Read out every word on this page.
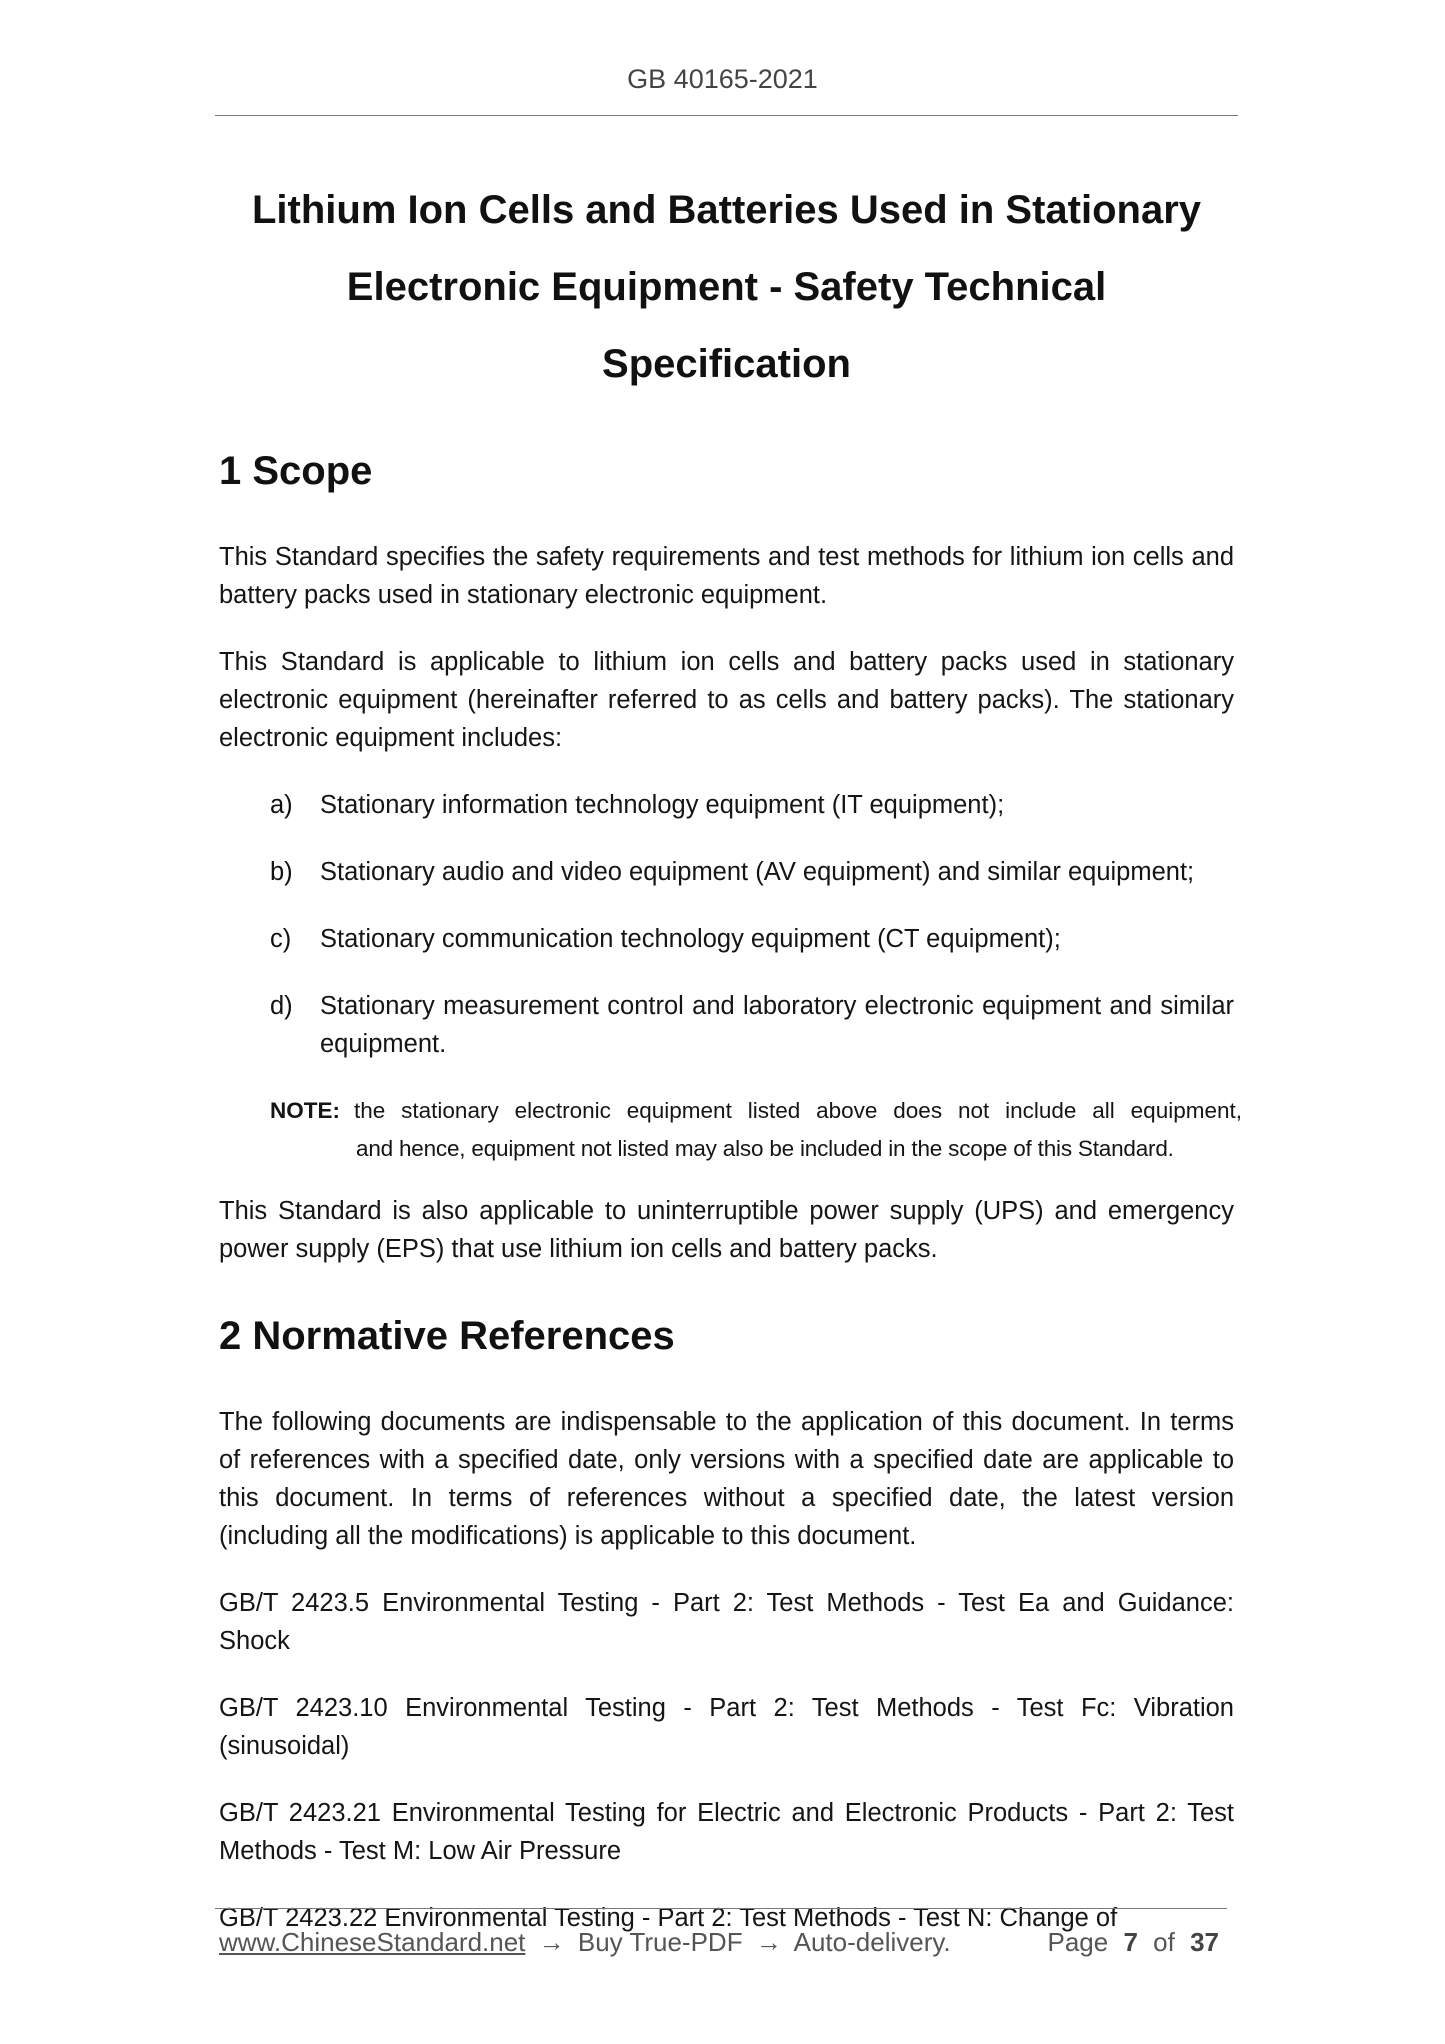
GB 40165-2021
Lithium Ion Cells and Batteries Used in Stationary
Electronic Equipment - Safety Technical Specification
1 Scope

This Standard specifies the safety requirements and test methods for lithium ion cells and battery packs used in stationary electronic equipment.

This Standard is applicable to lithium ion cells and battery packs used in stationary electronic equipment (hereinafter referred to as cells and battery packs). The stationary electronic equipment includes:

a)	Stationary information technology equipment (IT equipment);
b)	Stationary audio and video equipment (AV equipment) and similar equipment;
c)	Stationary communication technology equipment (CT equipment);
d)	Stationary measurement control and laboratory electronic equipment and similar equipment.
NOTE: the stationary electronic equipment listed above does not include all equipment,
and hence, equipment not listed may also be included in the scope of this Standard.

This Standard is also applicable to uninterruptible power supply (UPS) and emergency power supply (EPS) that use lithium ion cells and battery packs.

2 Normative References

The following documents are indispensable to the application of this document. In terms of references with a specified date, only versions with a specified date are applicable to this document. In terms of references without a specified date, the latest version (including all the modifications) is applicable to this document.

GB/T 2423.5 Environmental Testing - Part 2: Test Methods - Test Ea and Guidance: Shock

GB/T 2423.10 Environmental Testing - Part 2: Test Methods - Test Fc: Vibration (sinusoidal)

GB/T 2423.21 Environmental Testing for Electric and Electronic Products - Part 2: Test Methods - Test M: Low Air Pressure

GB/T 2423.22 Environmental Testing - Part 2: Test Methods - Test N: Change of

www.ChineseStandard.net → Buy True-PDF → Auto-delivery.	Page 7 of 37
